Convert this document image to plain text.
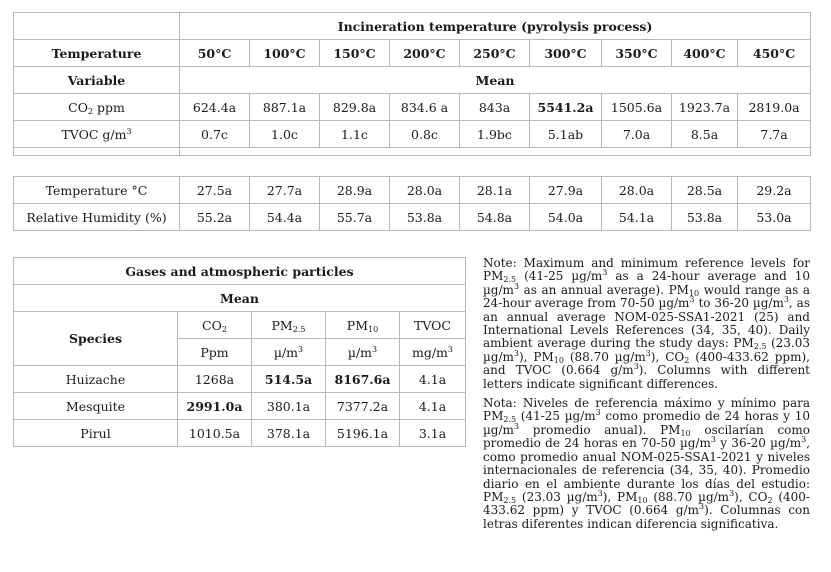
	Incineration temperature (pyrolysis process)								
Temperature	50°C	100°C	150°C	200°C	250°C	300°C	350°C	400°C	450°C
Variable	Mean								
$CO_2$ ppm	624.4a	887.1a	829.8a	834.6 a	843a	5541.2a	1505.6a	1923.7a	2819.0a
TVOC $g/m^3$	0.7c	1.0c	1.1c	0.8c	1.9bc	5.1ab	7.0a	8.5a	7.7a

Temperature °C	27.5a	27.7a	28.9a	28.0a	28.1a	27.9a	28.0a	28.5a	29.2a
Relative Humidity (%)	55.2a	54.4a	55.7a	53.8a	54.8a	54.0a	54.1a	53.8a	53.0a
Gases and atmospheric particles				
Mean				
Species	$CO_2$	$PM_{2.5}$	$PM_{10}$	TVOC
	Ppm	$\mu/m^3$	$\mu/m^3$	$mg/m^3$
Huizache	1268a	514.5a	8167.6a	4.1a
Mesquite	2991.0a	380.1a	7377.2a	4.1a
Pirul	1010.5a	378.1a	5196.1a	3.1a

Note: Maximum and minimum reference levels for $PM_{2.5}$ (41-25 $\mu g/m^3$ as a 24-hour average and 10 $\mu g/m^3$ as an annual average). $PM_{10}$ would range as a 24-hour average from 70-50 $\mu g/m^3$ to 36-20 $\mu g/m^3$, as an annual average NOM-025-SSA1-2021 (25) and International Levels References (34, 35, 40). Daily ambient average during the study days: $PM_{2.5}$ (23.03 $\mu g/m^3$), $PM_{10}$ (88.70 $\mu g/m^3$), $CO_2$ (400-433.62 ppm), and TVOC (0.664 $g/m^3$). Columns with different letters indicate significant differences.

Nota: Niveles de referencia máximo y mínimo para $PM_{2.5}$ (41-25 $\mu g/m^3$ como promedio de 24 horas y 10 $\mu g/m^3$ promedio anual). $PM_{10}$ oscilarían como promedio de 24 horas en 70-50 $\mu g/m^3$ y 36-20 $\mu g/m^3$, como promedio anual NOM-025-SSA1-2021 y niveles internacionales de referencia (34, 35, 40). Promedio diario en el ambiente durante los días del estudio: $PM_{2.5}$ (23.03 $\mu g/m^3$), $PM_{10}$ (88.70 $\mu g/m^3$), $CO_2$ (400-433.62 ppm) y TVOC (0.664 $g/m^3$). Columnas con letras diferentes indican diferencia significativa.
